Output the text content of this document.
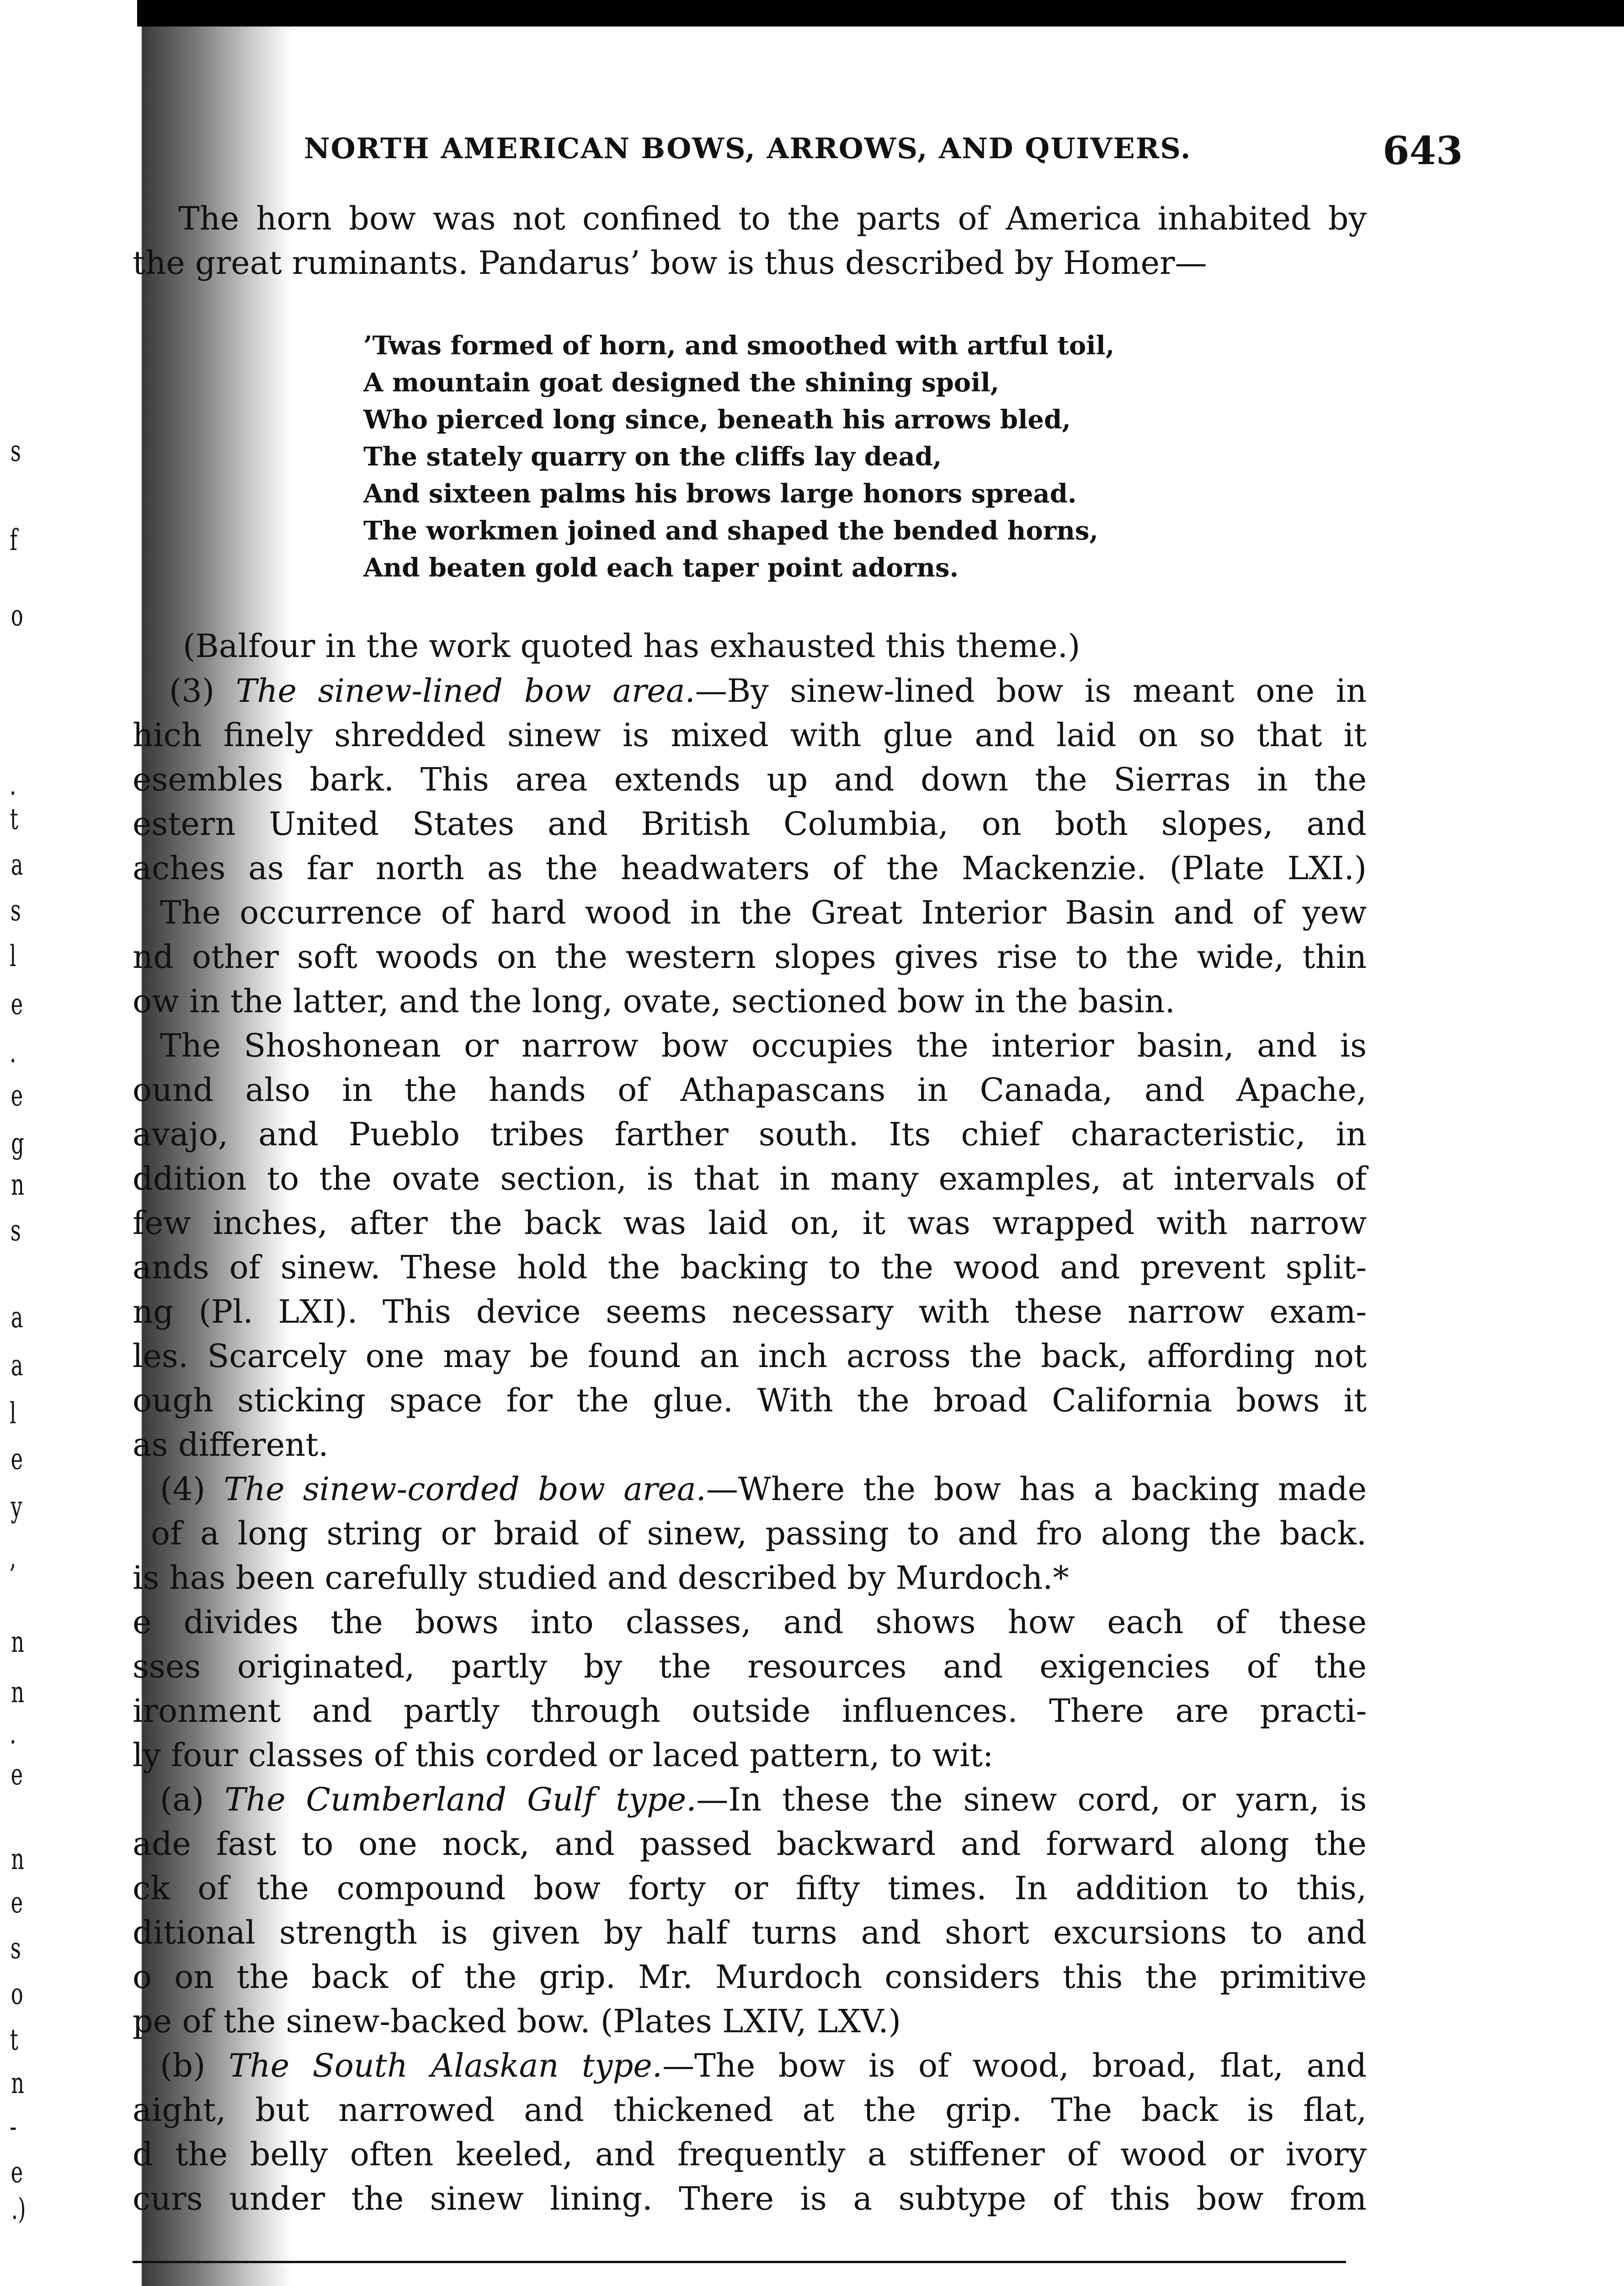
s
o
.
t
a
s
l
e
.
e
g
n
s
a
a
l
e
y
,
n
n
.
e
n
e
s
o
t
n
-
e
.)
f
NORTH AMERICAN BOWS, ARROWS, AND QUIVERS.	643
The horn bow was not confined to the parts of America inhabited by
the great ruminants. Pandarus’ bow is thus described by Homer—
’Twas formed of horn, and smoothed with artful toil,
A mountain goat designed the shining spoil,
Who pierced long since, beneath his arrows bled,
The stately quarry on the cliffs lay dead,
And sixteen palms his brows large honors spread.
The workmen joined and shaped the bended horns,
And beaten gold each taper point adorns.
(Balfour in the work quoted has exhausted this theme.)
(3) The sinew-lined bow area.—By sinew-lined bow is meant one in
hich finely shredded sinew is mixed with glue and laid on so that it
esembles bark. This area extends up and down the Sierras in the
estern United States and British Columbia, on both slopes, and
aches as far north as the headwaters of the Mackenzie. (Plate LXI.)
The occurrence of hard wood in the Great Interior Basin and of yew
nd other soft woods on the western slopes gives rise to the wide, thin
ow in the latter, and the long, ovate, sectioned bow in the basin.
The Shoshonean or narrow bow occupies the interior basin, and is
ound also in the hands of Athapascans in Canada, and Apache,
avajo, and Pueblo tribes farther south. Its chief characteristic, in
ddition to the ovate section, is that in many examples, at intervals of
few inches, after the back was laid on, it was wrapped with narrow
ands of sinew. These hold the backing to the wood and prevent split-
ng (Pl. LXI). This device seems necessary with these narrow exam-
les. Scarcely one may be found an inch across the back, affording not
ough sticking space for the glue. With the broad California bows it
as different.
(4) The sinew-corded bow area.—Where the bow has a backing made
of a long string or braid of sinew, passing to and fro along the back.
is has been carefully studied and described by Murdoch.*
e divides the bows into classes, and shows how each of these
sses originated, partly by the resources and exigencies of the
ironment and partly through outside influences. There are practi-
ly four classes of this corded or laced pattern, to wit:
(a) The Cumberland Gulf type.—In these the sinew cord, or yarn, is
ade fast to one nock, and passed backward and forward along the
ck of the compound bow forty or fifty times. In addition to this,
ditional strength is given by half turns and short excursions to and
o on the back of the grip. Mr. Murdoch considers this the primitive
pe of the sinew-backed bow. (Plates LXIV, LXV.)
(b) The South Alaskan type.—The bow is of wood, broad, flat, and
aight, but narrowed and thickened at the grip. The back is flat,
d the belly often keeled, and frequently a stiffener of wood or ivory
curs under the sinew lining. There is a subtype of this bow from
